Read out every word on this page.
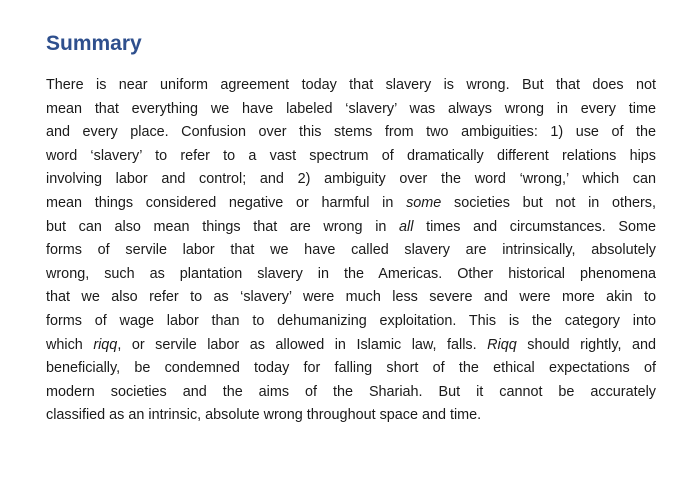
Summary

There is near uniform agreement today that slavery is wrong. But that does not
mean that everything we have labeled ‘slavery’ was always wrong in every time
and every place. Confusion over this stems from two ambiguities: 1) use of the
word ‘slavery’ to refer to a vast spectrum of dramatically different relations hips
involving labor and control; and 2) ambiguity over the word ‘wrong,’ which can
mean things considered negative or harmful in some societies but not in others,
but can also mean things that are wrong in all times and circumstances. Some
forms of servile labor that we have called slavery are intrinsically, absolutely
wrong, such as plantation slavery in the Americas. Other historical phenomena
that we also refer to as ‘slavery’ were much less severe and were more akin to
forms of wage labor than to dehumanizing exploitation. This is the category into
which riqq, or servile labor as allowed in Islamic law, falls. Riqq should rightly, and
beneficially, be condemned today for falling short of the ethical expectations of
modern societies and the aims of the Shariah. But it cannot be accurately
classified as an intrinsic, absolute wrong throughout space and time.
